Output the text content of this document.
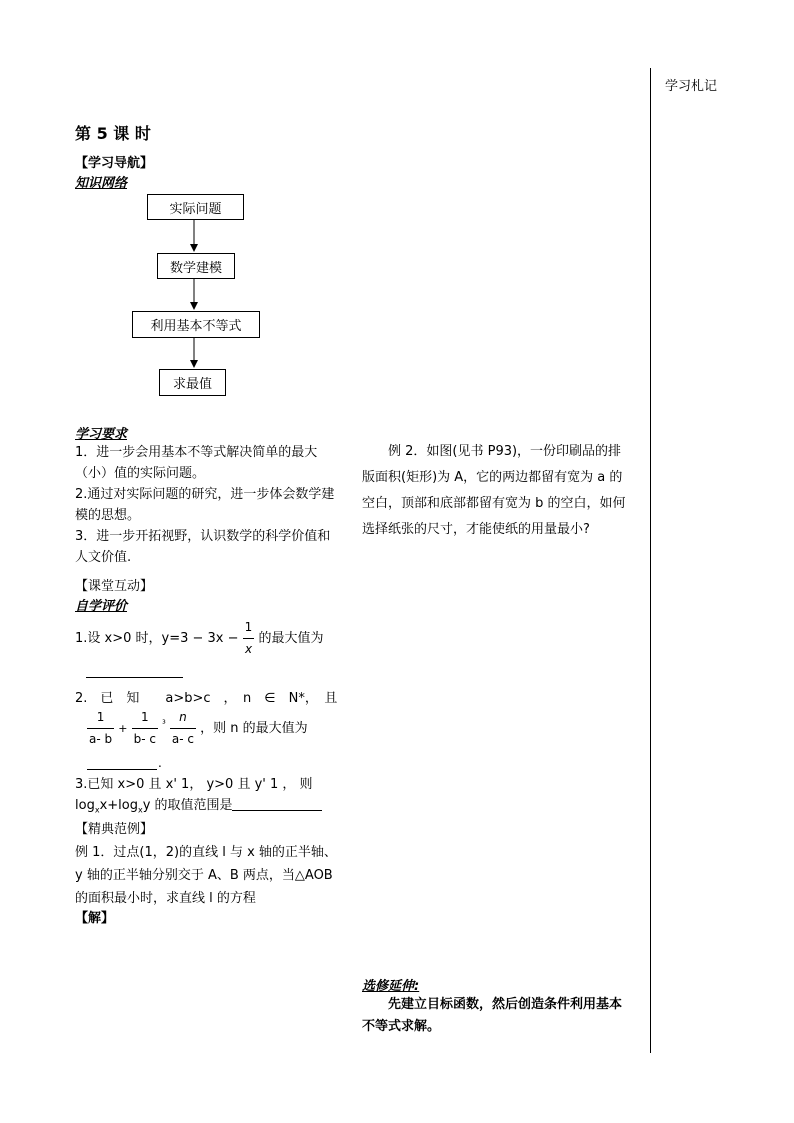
学习札记
第 5 课 时
【学习导航】
知识网络
实际问题
数学建模
利用基本不等式
求最值
学习要求
1．进一步会用基本不等式解决简单的最大（小）值的实际问题。
2.通过对实际问题的研究，进一步体会数学建模的思想。
3．进一步开拓视野，认识数学的科学价值和人文价值.
【课堂互动】
自学评价
1.设 x>0 时，$y=3 - 3x - \frac{1}{x}$ 的最大值为
2.　已　知　　a>b>c　，　n　∈　N*，　且
$\frac{1}{a- b} + \frac{1}{b- c} ^{^3} \frac{n}{a- c}$ ，则 n 的最大值为
.
3.已知 x>0 且 x' 1， y>0 且 y' 1 ， 则
$\log_xx+\log_xy$ 的取值范围是
【精典范例】
例 1．过点(1，2)的直线 l 与 x 轴的正半轴、
y 轴的正半轴分别交于 A、B 两点，当△AOB
的面积最小时，求直线 l 的方程
【解】
例 2．如图(见书 P93)，一份印刷品的排
版面积(矩形)为 A，它的两边都留有宽为 a 的
空白，顶部和底部都留有宽为 b 的空白，如何
选择纸张的尺寸，才能使纸的用量最小?
选修延伸:
先建立目标函数，然后创造条件利用基本
不等式求解。
